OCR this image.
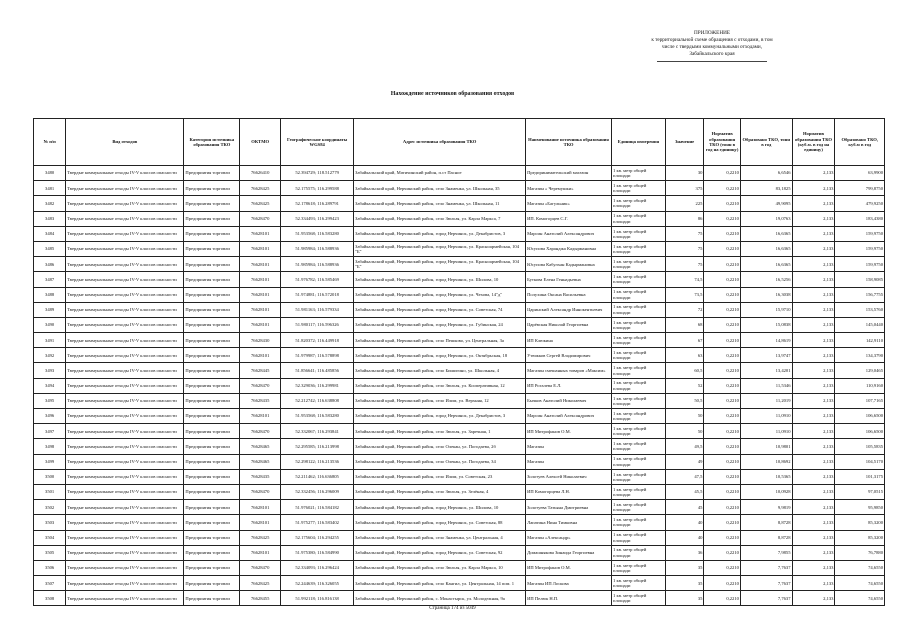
ПРИЛОЖЕНИЕ
к территориальной схеме обращения с отходами, в том
числе с твердыми коммунальными отходами,
Забайкальского края
Нахождение источников образования отходов
№ п/п	Вид отходов	Категория источника образования ТКО	ОКТМО	Географические координаты WGS84	Адрес источника образования ТКО	Наименование источника образования ТКО	Единица измерения	Значение	Норматив образования ТКО (тонн в год на единицу)	Образовано ТКО, тонн в год	Норматив образования ТКО (куб.м. в год на единицу)	Образовано ТКО, куб.м в год
3480	Твердые коммунальные отходы IV-V классов опасности	Предприятия торговли	76626410	52.394729; 118.512779	Забайкальский край, Матичинский район, п.ст Пасное	Предпринимательский магазин	1 кв. метр общей площади	30	0,2210	6,6546	2,133	63,9900
3481	Твердые коммунальные отходы IV-V классов опасности	Предприятия торговли	76628425	52.175575; 116.299588	Забайкальский край, Нерчинский район, село Знаменка, ул. Школьная, 35	Магазин « Черемушки»	1 кв. метр общей площади	375	0,2210	83,1825	2,133	799,8750
3482	Твердые коммунальные отходы IV-V классов опасности	Предприятия торговли	76628425	52.178618; 116.289791	Забайкальский край, Нерчинский район, село Знаменка, ул. Школьная, 11	Магазин «Багульник»	1 кв. метр общей площади	225	0,2210	49,9095	2,133	479,9250
3483	Твердые коммунальные отходы IV-V классов опасности	Предприятия торговли	76628470	52.334493; 116.299423	Забайкальский край, Нерчинский район, село Зюльзя, ул. Карла Маркса, 7	ИП. Комогорцев С.Г.	1 кв. метр общей площади	86	0,2210	19,0763	2,133	183,4380
3484	Твердые коммунальные отходы IV-V классов опасности	Предприятия торговли	76628101	51.953568; 116.583280	Забайкальский край, Нерчинский район, город Нерчинск, ул. Декабристов, 3	Марсин Анатолий Александрович	1 кв. метр общей площади	75	0,2210	16,6365	2,133	159,9750
3485	Твердые коммунальные отходы IV-V классов опасности	Предприятия торговли	76628101	51.985984; 116.588936	Забайкальский край, Нерчинский район, город Нерчинск, ул. Красноармейская, 104 "Б"	Юсупова Харанджа Кадырмановна	1 кв. метр общей площади	75	0,2210	16,6365	2,133	159,9750
3486	Твердые коммунальные отходы IV-V классов опасности	Предприятия торговли	76628101	51.985984; 116.588936	Забайкальский край, Нерчинский район, город Нерчинск, ул. Красноармейская, 104 "Б"	Юсупова Кабулхан Кадырмановна	1 кв. метр общей площади	75	0,2210	16,6365	2,133	159,9750
3487	Твердые коммунальные отходы IV-V классов опасности	Предприятия торговли	76628101	51.976782; 116.585469	Забайкальский край, Нерчинский район, город Нерчинск, ул. Шилова, 10	Буткова Елена Геннадьевна	1 кв. метр общей площади	74,5	0,2210	16,5256	2,133	158,9085
3488	Твердые коммунальные отходы IV-V классов опасности	Предприятия торговли	76628101	51.974881; 116.572018	Забайкальский край, Нерчинский район, город Нерчинск, ул. Чехова, 14"д"	Полухина Оксана Васильевна	1 кв. метр общей площади	73,5	0,2210	16,3038	2,133	156,7755
3489	Твердые коммунальные отходы IV-V классов опасности	Предприятия торговли	76628101	51.981163; 116.579334	Забайкальский край, Нерчинский район, город Нерчинск, ул. Советская, 74	Царинский Александр Иннокентьевич	1 кв. метр общей площади	72	0,2210	15,9710	2,133	153,5760
3490	Твердые коммунальные отходы IV-V классов опасности	Предприятия торговли	76628101	51.980117; 116.596326	Забайкальский край, Нерчинский район, город Нерчинск, ул. Губинская, 24	Царёвская Николай Георгиевна	1 кв. метр общей площади	68	0,2210	15,0838	2,133	145,0440
3491	Твердые коммунальные отходы IV-V классов опасности	Предприятия торговли	76628430	51.820372; 116.449918	Забайкальский край, Нерчинский район, село Пешково, ул. Центральная, 3а	ИП Клюкина	1 кв. метр общей площади	67	0,2210	14,8619	2,133	142,9110
3492	Твердые коммунальные отходы IV-V классов опасности	Предприятия торговли	76628101	51.979987; 116.578898	Забайкальский край, Нерчинский район, город Нерчинск, ул. Октябрьская, 18	Утюжков Сергей Владимирович	1 кв. метр общей площади	63	0,2210	13,9747	2,133	134,3790
3493	Твердые коммунальные отходы IV-V классов опасности	Предприятия торговли	76628445	51.856641; 116.485856	Забайкальский край, Нерчинский район, село Бишигино, ул. Школьная, 4	Магазин смешанных товаров «Максим»	1 кв. метр общей площади	60,5	0,2210	13,4201	2,133	129,0465
3494	Твердые коммунальные отходы IV-V классов опасности	Предприятия торговли	76628470	52.329036; 116.299981	Забайкальский край, Нерчинский район, село Зюльзя, ул. Кооперативная, 12	ИП Рогалева Е.Л.	1 кв. метр общей площади	52	0,2210	11,5346	2,133	110,9160
3495	Твердые коммунальные отходы IV-V классов опасности	Предприятия торговли	76628435	52.212742; 116.638808	Забайкальский край, Нерчинский район, село Илим, ул. Верхняя, 12	Бычков Анатолий Николаевич	1 кв. метр общей площади	50,5	0,2210	11,2019	2,133	107,7165
3496	Твердые коммунальные отходы IV-V классов опасности	Предприятия торговли	76628101	51.953568; 116.583280	Забайкальский край, Нерчинский район, город Нерчинск, ул. Декабристов, 3	Марсин Анатолий Александрович	1 кв. метр общей площади	50	0,2210	11,0910	2,133	106,6500
3497	Твердые коммунальные отходы IV-V классов опасности	Предприятия торговли	76628470	52.332067; 116.293841	Забайкальский край, Нерчинский район, село Зюльзя, ул. Заречная, 1	ИП Митрофанов О.М.	1 кв. метр общей площади	50	0,2210	11,0910	2,133	106,6500
3498	Твердые коммунальные отходы IV-V классов опасности	Предприятия торговли	76628465	52.295585; 116.213998	Забайкальский край, Нерчинский район, село Олекан, ул. Погодаева, 2б	Магазин	1 кв. метр общей площади	49,5	0,2210	10,9801	2,133	105,5835
3499	Твердые коммунальные отходы IV-V классов опасности	Предприятия торговли	76628465	52.298122; 116.213536	Забайкальский край, Нерчинский район, село Олекан, ул. Погодаева, 34	Магазин	1 кв. метр общей площади	49	0,2210	10,8692	2,133	104,5170
3500	Твердые коммунальные отходы IV-V классов опасности	Предприятия торговли	76628435	52.211462; 116.636805	Забайкальский край, Нерчинский район, село Илим, ул. Советская, 23	Золотуев Алексей Николаевич	1 кв. метр общей площади	47,5	0,2210	10,5365	2,133	101,3175
3501	Твердые коммунальные отходы IV-V классов опасности	Предприятия торговли	76628470	52.332456; 116.296009	Забайкальский край, Нерчинский район, село Зюльзя, ул. Зелёная, 4	ИП Комогорцева Л.Н.	1 кв. метр общей площади	45,5	0,2210	10,0928	2,133	97,0515
3502	Твердые коммунальные отходы IV-V классов опасности	Предприятия торговли	76628101	51.976021; 116.584182	Забайкальский край, Нерчинский район, город Нерчинск, ул. Шилова, 10	Золотуева Татьяна Дмитриевна	1 кв. метр общей площади	45	0,2210	9,9819	2,133	95,9850
3503	Твердые коммунальные отходы IV-V классов опасности	Предприятия торговли	76628101	51.975277; 116.583402	Забайкальский край, Нерчинский район, город Нерчинск, ул. Советская, 88	Лапатина Нина Тимковна	1 кв. метр общей площади	40	0,2210	8,8728	2,133	85,3200
3504	Твердые коммунальные отходы IV-V классов опасности	Предприятия торговли	76628425	52.175604; 116.294255	Забайкальский край, Нерчинский район, село Знаменка, ул. Центральная, 4	Магазин «Александр»	1 кв. метр общей площади	40	0,2210	8,8728	2,133	85,3200
3505	Твердые коммунальные отходы IV-V классов опасности	Предприятия торговли	76628101	51.975380; 116.584990	Забайкальский край, Нерчинский район, город Нерчинск, ул. Советская, 92	Домашняковa Зинаида Георгиевна	1 кв. метр общей площади	36	0,2210	7,9855	2,133	76,7880
3506	Твердые коммунальные отходы IV-V классов опасности	Предприятия торговли	76628470	52.334093; 116.296424	Забайкальский край, Нерчинский район, село Зюльзя, ул. Карла Маркса, 10	ИП Митрофанов О.М.	1 кв. метр общей площади	35	0,2210	7,7637	2,133	74,6550
3507	Твердые коммунальные отходы IV-V классов опасности	Предприятия торговли	76628425	52.244639; 116.326055	Забайкальский край, Нерчинский район, село Кангил, ул. Центральная, 14 пом. 1	Магазин ИП Лоскова	1 кв. метр общей площади	35	0,2210	7,7637	2,133	74,6550
3508	Твердые коммунальные отходы IV-V классов опасности	Предприятия торговли	76628455	51.992118; 116.816138	Забайкальский край, Нерчинский район, с. Монастырск, ул. Молодежная, 9а	ИП Пелюк Н.П.	1 кв. метр общей площади	35	0,2210	7,7637	2,133	74,6550
Страница 174 из 5049
